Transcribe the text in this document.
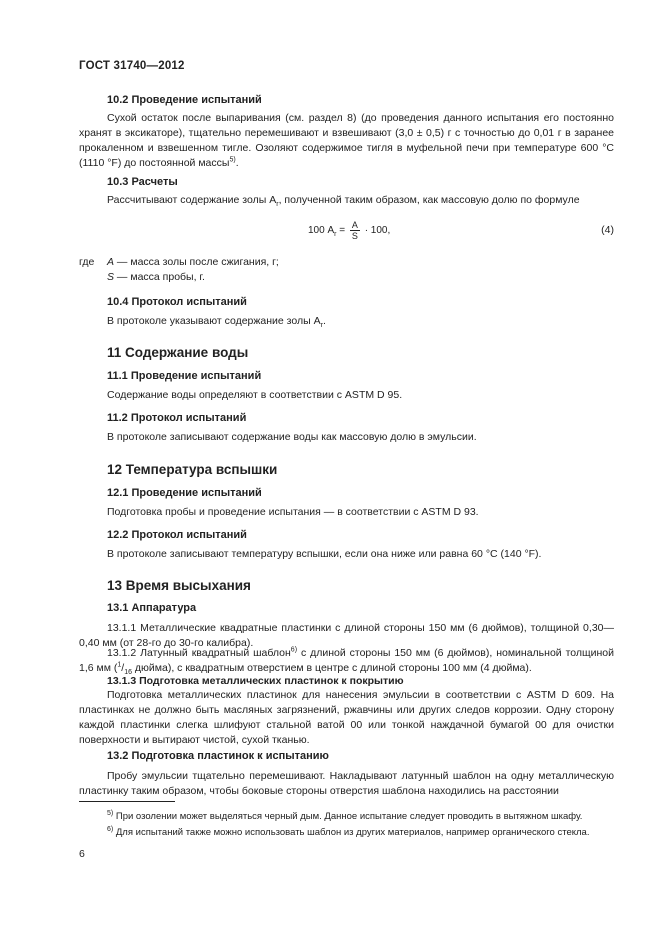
ГОСТ 31740—2012
10.2 Проведение испытаний
Сухой остаток после выпаривания (см. раздел 8) (до проведения данного испытания его постоянно хранят в эксикаторе), тщательно перемешивают и взвешивают (3,0 ± 0,5) г с точностью до 0,01 г в заранее прокаленном и взвешенном тигле. Озоляют содержимое тигля в муфельной печи при температуре 600 °С (1110 °F) до постоянной массы$^{5)}$.
10.3 Расчеты
Рассчитывают содержание золы $А_r$, полученной таким образом, как массовую долю по формуле
100 $А_r = \frac{А}{S} \cdot 100$,	(4)
где А — масса золы после сжигания, г;
S — масса пробы, г.
10.4 Протокол испытаний
В протоколе указывают содержание золы $А_r$.
11 Содержание воды
11.1 Проведение испытаний
Содержание воды определяют в соответствии с ASTM D 95.
11.2 Протокол испытаний
В протоколе записывают содержание воды как массовую долю в эмульсии.
12 Температура вспышки
12.1 Проведение испытаний
Подготовка пробы и проведение испытания — в соответствии с ASTM D 93.
12.2 Протокол испытаний
В протоколе записывают температуру вспышки, если она ниже или равна 60 °С (140 °F).
13 Время высыхания
13.1 Аппаратура
13.1.1 Металлические квадратные пластинки с длиной стороны 150 мм (6 дюймов), толщиной 0,30—0,40 мм (от 28-го до 30-го калибра).
13.1.2 Латунный квадратный шаблон$^{6)}$ с длиной стороны 150 мм (6 дюймов), номинальной толщиной 1,6 мм ($^1/_{16}$ дюйма), с квадратным отверстием в центре с длиной стороны 100 мм (4 дюйма).
13.1.3 Подготовка металлических пластинок к покрытию
Подготовка металлических пластинок для нанесения эмульсии в соответствии с ASTM D 609. На пластинках не должно быть масляных загрязнений, ржавчины или других следов коррозии. Одну сторону каждой пластинки слегка шлифуют стальной ватой 00 или тонкой наждачной бумагой 00 для очистки поверхности и вытирают чистой, сухой тканью.
13.2 Подготовка пластинок к испытанию
Пробу эмульсии тщательно перемешивают. Накладывают латунный шаблон на одну металлическую пластинку таким образом, чтобы боковые стороны отверстия шаблона находились на расстоянии
$^{5)}$ При озолении может выделяться черный дым. Данное испытание следует проводить в вытяжном шкафу.
$^{6)}$ Для испытаний также можно использовать шаблон из других материалов, например органического стекла.
6
